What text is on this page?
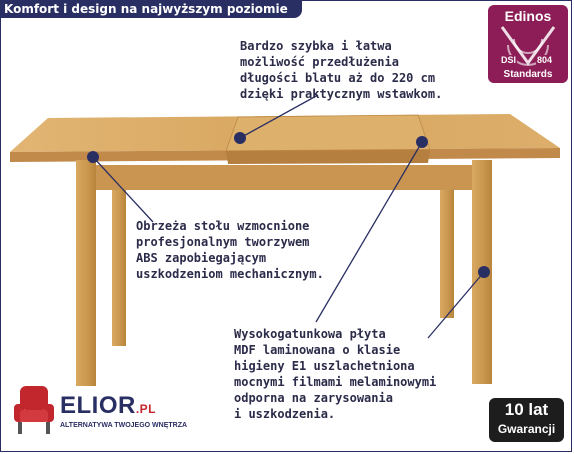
Komfort i design na najwyższym poziomie
Bardzo szybka i łatwa
możliwość przedłużenia
długości blatu aż do 220 cm
dzięki praktycznym wstawkom.
Obrzeża stołu wzmocnione
profesjonalnym tworzywem
ABS zapobiegającym
uszkodzeniom mechanicznym.
Wysokogatunkowa płyta
MDF laminowana o klasie
higieny E1 uszlachetniona
mocnymi filmami melaminowymi
odporna na zarysowania
i uszkodzenia.
Edinos
DSI 804
Standards
ELIOR.PL
ALTERNATYWA TWOJEGO WNĘTRZA
10 lat
Gwarancji
